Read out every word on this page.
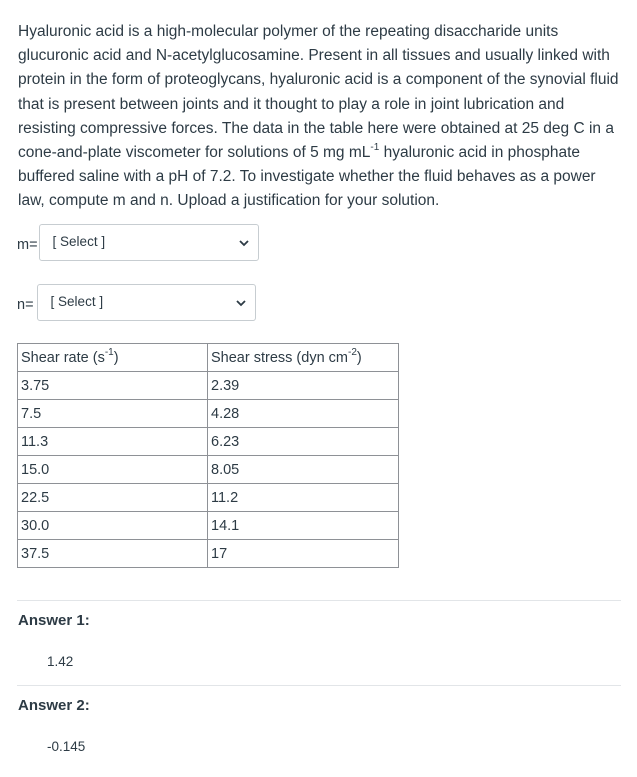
Hyaluronic acid is a high-molecular polymer of the repeating disaccharide units glucuronic acid and N-acetylglucosamine. Present in all tissues and usually linked with protein in the form of proteoglycans, hyaluronic acid is a component of the synovial fluid that is present between joints and it thought to play a role in joint lubrication and resisting compressive forces. The data in the table here were obtained at 25 deg C in a cone-and-plate viscometer for solutions of 5 mg $mL^{-1}$ hyaluronic acid in phosphate buffered saline with a pH of 7.2. To investigate whether the fluid behaves as a power law, compute m and n. Upload a justification for your solution.
m= [ Select ]
n= [ Select ]
Shear rate $(s^{-1})$	Shear stress (dyn $cm^{-2}$)
3.75	2.39
7.5	4.28
11.3	6.23
15.0	8.05
22.5	11.2
30.0	14.1
37.5	17
Answer 1:
1.42
Answer 2:
-0.145
